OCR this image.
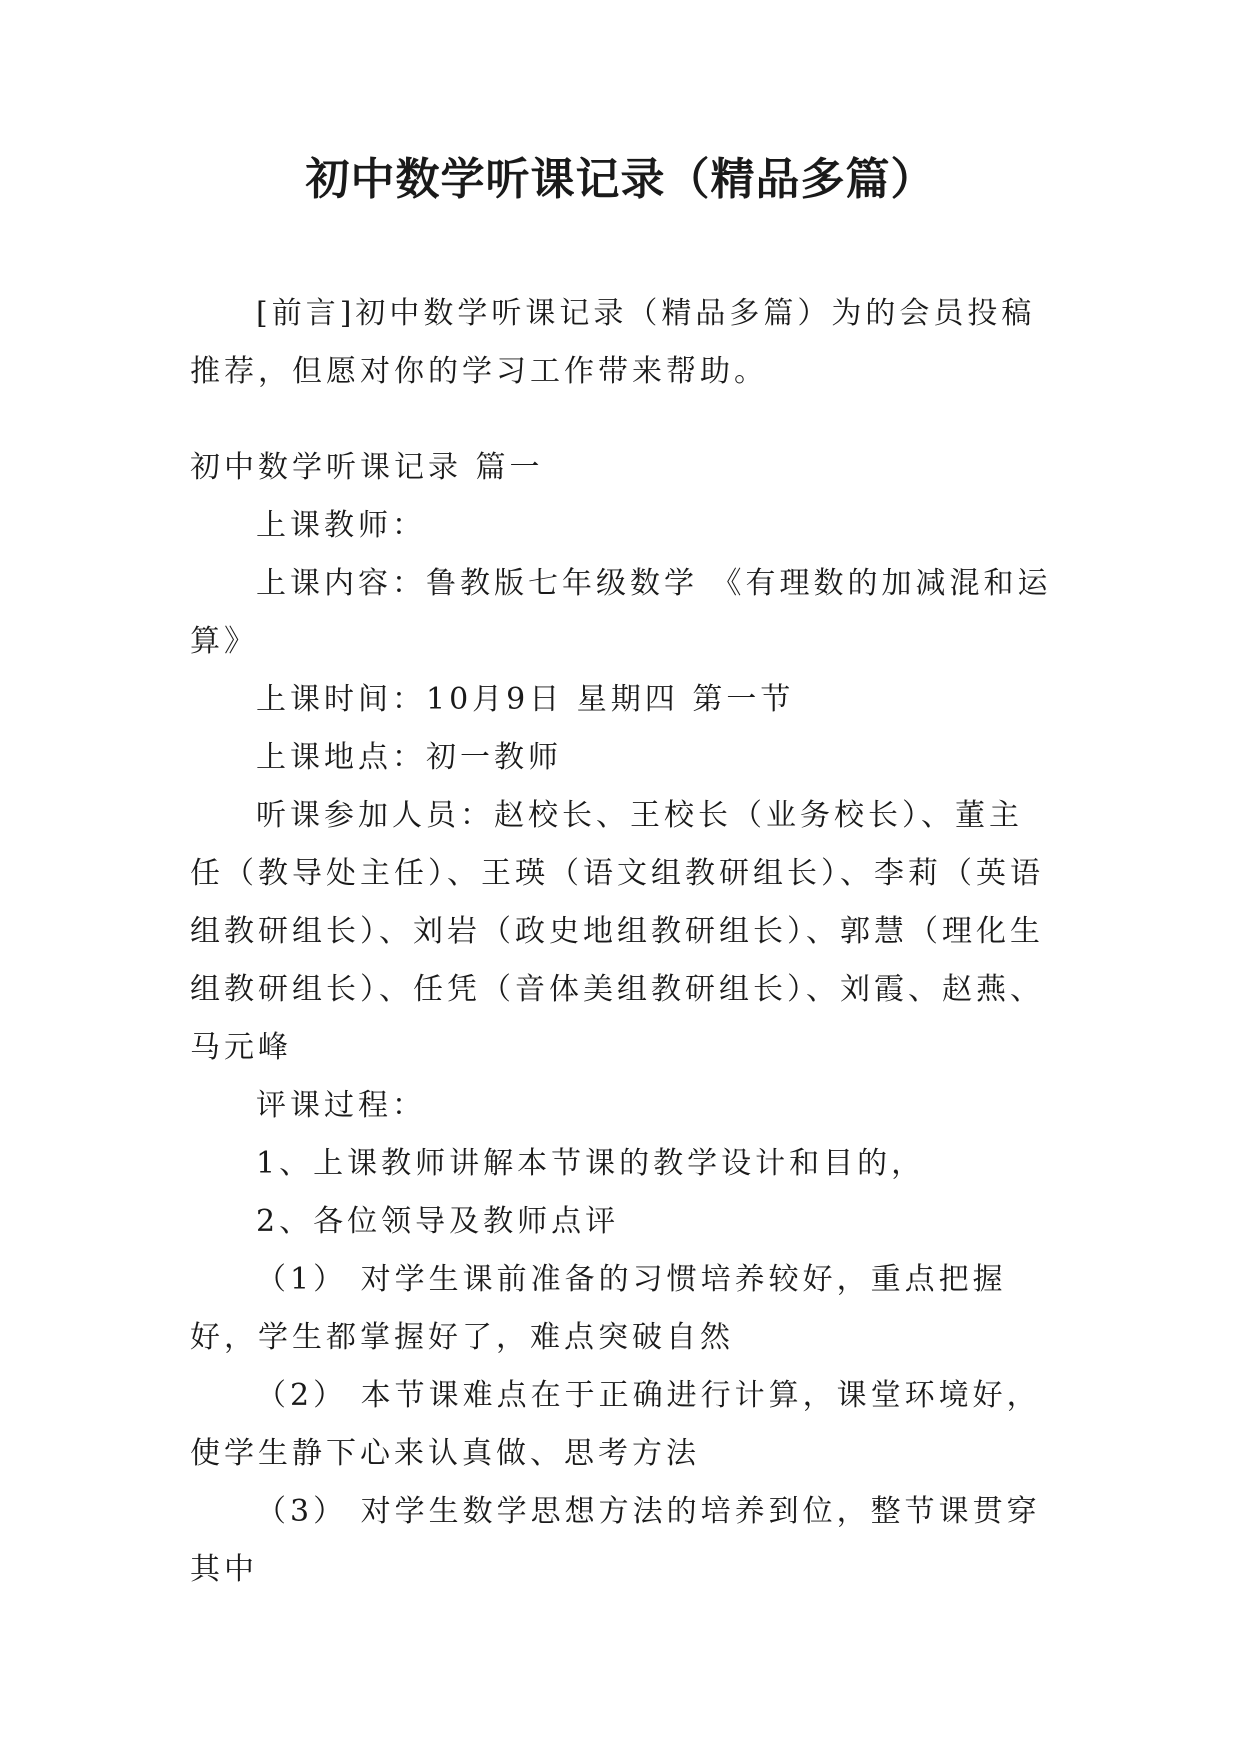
初中数学听课记录（精品多篇）

[前言]初中数学听课记录（精品多篇）为的会员投稿推荐，但愿对你的学习工作带来帮助。

初中数学听课记录 篇一

上课教师：

上课内容：鲁教版七年级数学 《有理数的加减混和运算》

上课时间：10月9日 星期四 第一节

上课地点：初一教师

听课参加人员：赵校长、王校长（业务校长）、董主任（教导处主任）、王瑛（语文组教研组长）、李莉（英语组教研组长）、刘岩（政史地组教研组长）、郭慧（理化生组教研组长）、任凭（音体美组教研组长）、刘霞、赵燕、马元峰

评课过程：

1、上课教师讲解本节课的教学设计和目的，

2、各位领导及教师点评

（1） 对学生课前准备的习惯培养较好，重点把握好，学生都掌握好了，难点突破自然

（2） 本节课难点在于正确进行计算，课堂环境好，使学生静下心来认真做、思考方法

（3） 对学生数学思想方法的培养到位，整节课贯穿其中
